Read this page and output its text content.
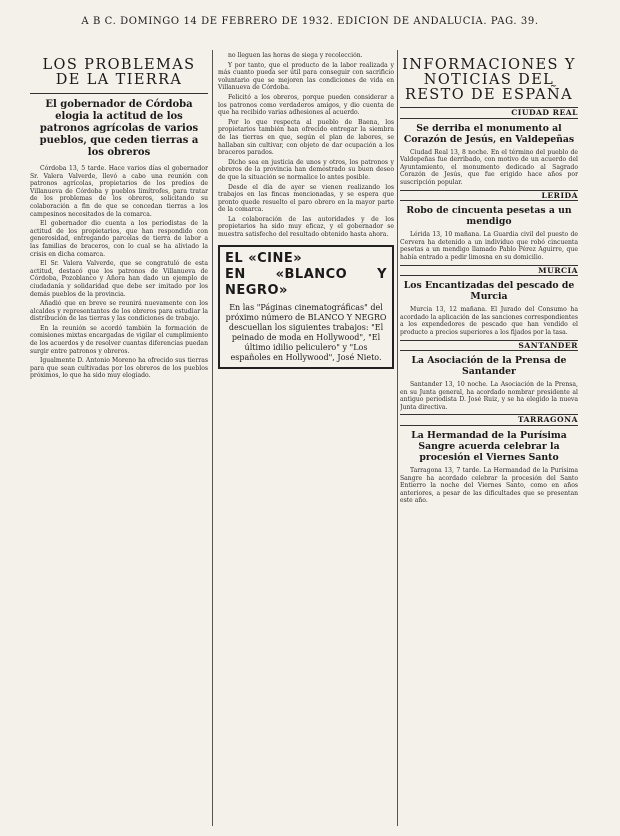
A B C. DOMINGO 14 DE FEBRERO DE 1932. EDICION DE ANDALUCIA. PAG. 39.
LOS PROBLEMAS DE LA TIERRA
El gobernador de Córdoba elogia la actitud de los patronos agrícolas de varios pueblos, que ceden tierras a los obreros

Córdoba 13, 5 tarde. Hace varios días el gobernador Sr. Valera Valverde, llevó a cabo una reunión con patronos agrícolas, propietarios de los predios de Villanueva de Córdoba y pueblos limítrofes, para tratar de los problemas de los obreros, solicitando su colaboración a fin de que se concedan tierras a los campesinos necesitados de la comarca.

El gobernador dio cuenta a los periodistas de la actitud de los propietarios, que han respondido con generosidad, entregando parcelas de tierra de labor a las familias de braceros, con lo cual se ha aliviado la crisis en dicha comarca.

El Sr. Valera Valverde, que se congratuló de esta actitud, destacó que los patronos de Villanueva de Córdoba, Pozoblanco y Añora han dado un ejemplo de ciudadanía y solidaridad que debe ser imitado por los demás pueblos de la provincia.

Añadió que en breve se reunirá nuevamente con los alcaldes y representantes de los obreros para estudiar la distribución de las tierras y las condiciones de trabajo.

En la reunión se acordó también la formación de comisiones mixtas encargadas de vigilar el cumplimiento de los acuerdos y de resolver cuantas diferencias puedan surgir entre patronos y obreros.

Igualmente D. Antonio Moreno ha ofrecido sus tierras para que sean cultivadas por los obreros de los pueblos próximos, lo que ha sido muy elogiado.

no lleguen las horas de siega y recolección.

Y por tanto, que el producto de la labor realizada y más cuanto pueda ser útil para conseguir con sacrificio voluntario que se mejoren las condiciones de vida en Villanueva de Córdoba.

Felicitó a los obreros, porque pueden considerar a los patronos como verdaderos amigos, y dio cuenta de que ha recibido varias adhesiones al acuerdo.

Por lo que respecta al pueblo de Baena, los propietarios también han ofrecido entregar la siembra de las tierras en que, según el plan de labores, se hallaban sin cultivar, con objeto de dar ocupación a los braceros parados.

Dicho sea en justicia de unos y otros, los patronos y obreros de la provincia han demostrado su buen deseo de que la situación se normalice lo antes posible.

Desde el día de ayer se vienen realizando los trabajos en las fincas mencionadas, y se espera que pronto quede resuelto el paro obrero en la mayor parte de la comarca.

La colaboración de las autoridades y de los propietarios ha sido muy eficaz, y el gobernador se muestra satisfecho del resultado obtenido hasta ahora.

EL «CINE»
EN «BLANCO Y NEGRO»
En las "Páginas cinematográficas" del próximo número de BLANCO Y NEGRO descuellan los siguientes trabajos: "El peinado de moda en Hollywood", "El último idilio peliculero" y "Los españoles en Hollywood", José Nieto.
INFORMACIONES Y NOTICIAS DEL RESTO DE ESPAÑA
CIUDAD REAL
Se derriba el monumento al Corazón de Jesús, en Valdepeñas

Ciudad Real 13, 8 noche. En el término del pueblo de Valdepeñas fue derribado, con motivo de un acuerdo del Ayuntamiento, el monumento dedicado al Sagrado Corazón de Jesús, que fue erigido hace años por suscripción popular.

LERIDA
Robo de cincuenta pesetas a un mendigo

Lérida 13, 10 mañana. La Guardia civil del puesto de Cervera ha detenido a un individuo que robó cincuenta pesetas a un mendigo llamado Pablo Pérez Aguirre, que había entrado a pedir limosna en su domicilio.

MURCIA
Los Encantizadas del pescado de Murcia

Murcia 13, 12 mañana. El Jurado del Consumo ha acordado la aplicación de las sanciones correspondientes a los expendedores de pescado que han vendido el producto a precios superiores a los fijados por la tasa.

SANTANDER
La Asociación de la Prensa de Santander

Santander 13, 10 noche. La Asociación de la Prensa, en su Junta general, ha acordado nombrar presidente al antiguo periodista D. José Ruiz, y se ha elegido la nueva Junta directiva.

TARRAGONA
La Hermandad de la Purísima Sangre acuerda celebrar la procesión el Viernes Santo

Tarragona 13, 7 tarde. La Hermandad de la Purísima Sangre ha acordado celebrar la procesión del Santo Entierro la noche del Viernes Santo, como en años anteriores, a pesar de las dificultades que se presentan este año.
